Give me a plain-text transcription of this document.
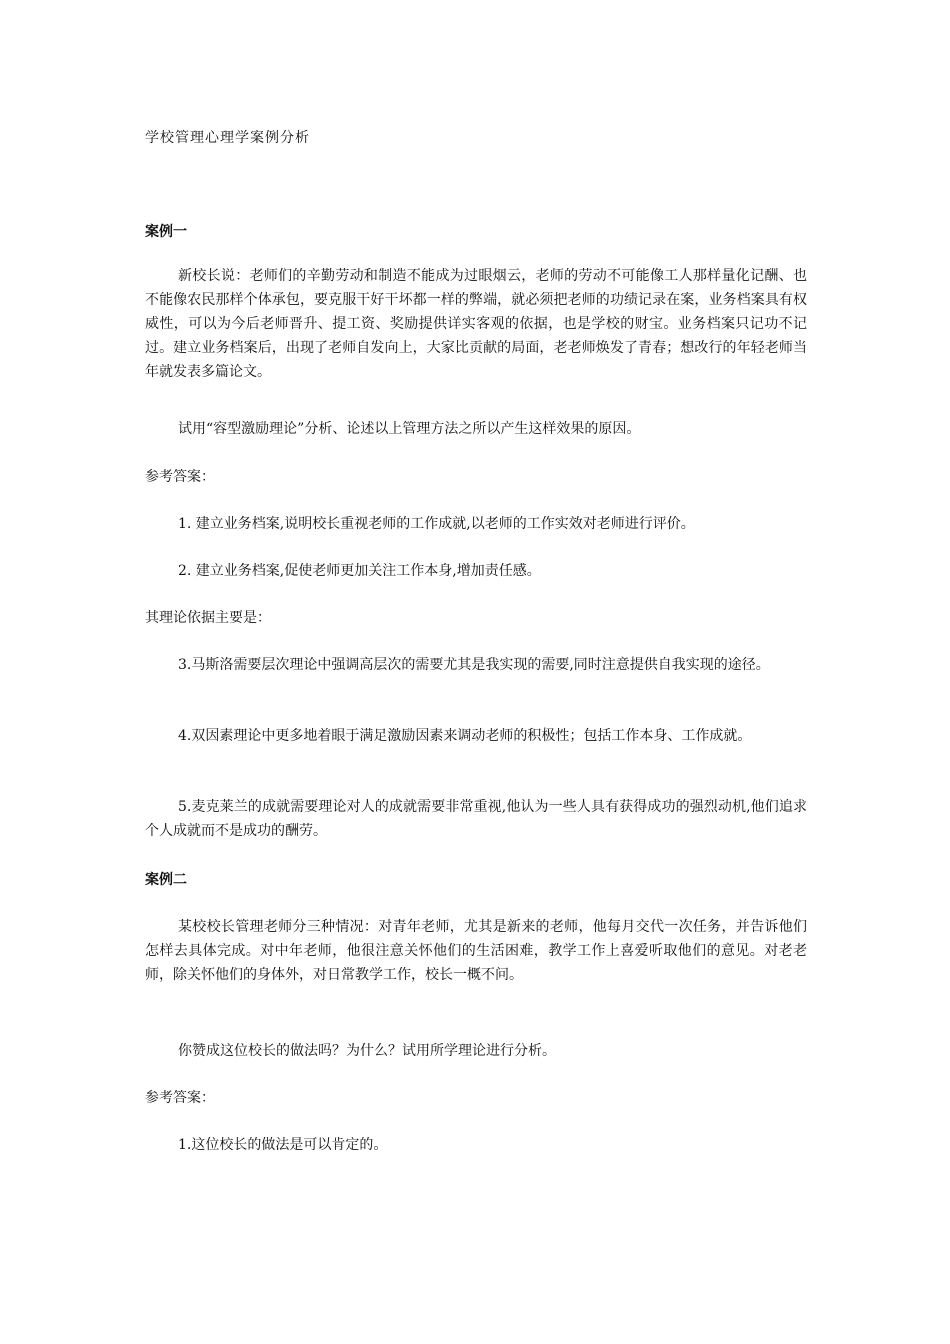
学校管理心理学案例分析

案例一

新校长说：老师们的辛勤劳动和制造不能成为过眼烟云，老师的劳动不可能像工人那样量化记酬、也不能像农民那样个体承包，要克服干好干坏都一样的弊端，就必须把老师的功绩记录在案，业务档案具有权威性，可以为今后老师晋升、提工资、奖励提供详实客观的依据，也是学校的财宝。业务档案只记功不记过。建立业务档案后，出现了老师自发向上，大家比贡献的局面，老老师焕发了青春；想改行的年轻老师当年就发表多篇论文。

试用“容型激励理论”分析、论述以上管理方法之所以产生这样效果的原因。

参考答案：

1. 建立业务档案,说明校长重视老师的工作成就,以老师的工作实效对老师进行评价。

2. 建立业务档案,促使老师更加关注工作本身,增加责任感。

其理论依据主要是：

3.马斯洛需要层次理论中强调高层次的需要尤其是我实现的需要,同时注意提供自我实现的途径。

4.双因素理论中更多地着眼于满足激励因素来调动老师的积极性；包括工作本身、工作成就。

5.麦克莱兰的成就需要理论对人的成就需要非常重视,他认为一些人具有获得成功的强烈动机,他们追求个人成就而不是成功的酬劳。

案例二

某校校长管理老师分三种情况：对青年老师，尤其是新来的老师，他每月交代一次任务，并告诉他们怎样去具体完成。对中年老师，他很注意关怀他们的生活困难，教学工作上喜爱听取他们的意见。对老老师，除关怀他们的身体外，对日常教学工作，校长一概不问。

你赞成这位校长的做法吗？为什么？试用所学理论进行分析。

参考答案：

1.这位校长的做法是可以肯定的。
